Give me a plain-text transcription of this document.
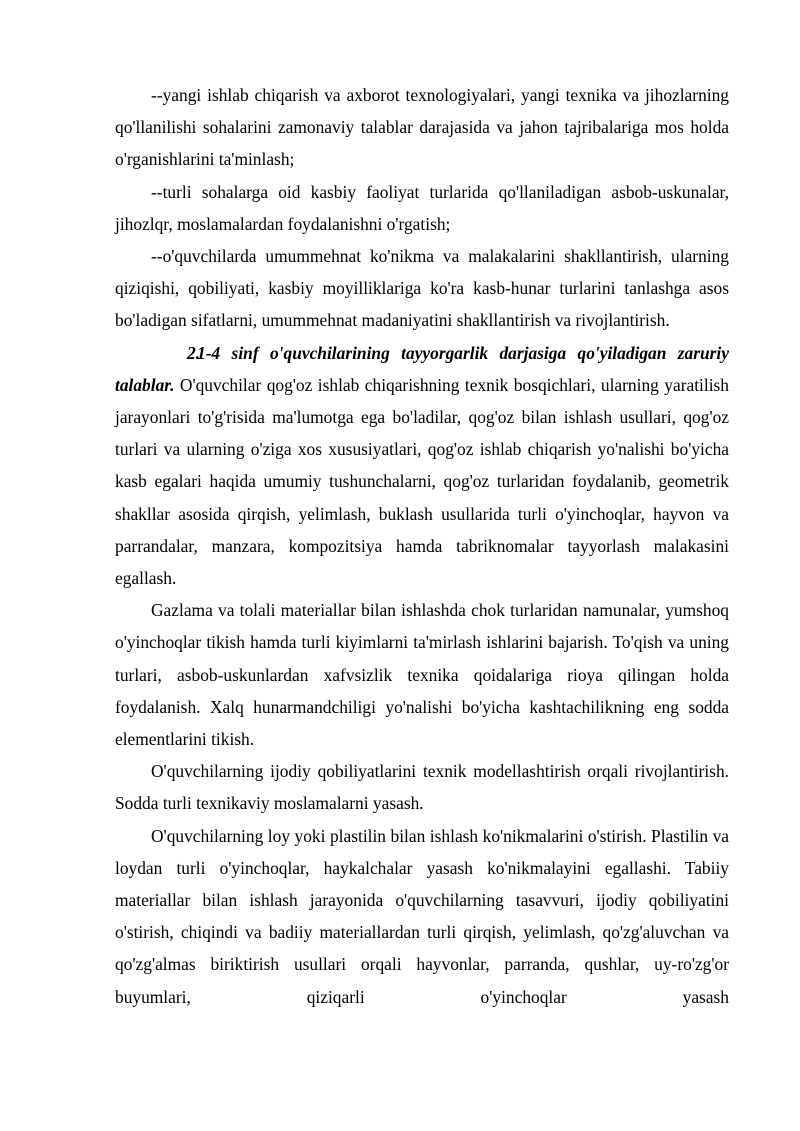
--yangi ishlab chiqarish va axborot texnologiyalari, yangi texnika va jihozlarning qo'llanilishi sohalarini zamonaviy talablar darajasida va jahon tajribalariga mos holda o'rganishlarini ta'minlash;

--turli sohalarga oid kasbiy faoliyat turlarida qo'llaniladigan asbob-uskunalar, jihozlqr, moslamalardan foydalanishni o'rgatish;

--o'quvchilarda umummehnat ko'nikma va malakalarini shakllantirish, ularning qiziqishi, qobiliyati, kasbiy moyilliklariga ko'ra kasb-hunar turlarini tanlashga asos bo'ladigan sifatlarni, umummehnat madaniyatini shakllantirish va rivojlantirish.

2.1-4 sinf o'quvchilarining tayyorgarlik darjasiga qo'yiladigan zaruriy talablar. O'quvchilar qog'oz ishlab chiqarishning texnik bosqichlari, ularning yaratilish jarayonlari to'g'risida ma'lumotga ega bo'ladilar, qog'oz bilan ishlash usullari, qog'oz turlari va ularning o'ziga xos xususiyatlari, qog'oz ishlab chiqarish yo'nalishi bo'yicha kasb egalari haqida umumiy tushunchalarni, qog'oz turlaridan foydalanib, geometrik shakllar asosida qirqish, yelimlash, buklash usullarida turli o'yinchoqlar, hayvon va parrandalar, manzara, kompozitsiya hamda tabriknomalar tayyorlash malakasini egallash.

Gazlama va tolali materiallar bilan ishlashda chok turlaridan namunalar, yumshoq o'yinchoqlar tikish hamda turli kiyimlarni ta'mirlash ishlarini bajarish. To'qish va uning turlari, asbob-uskunlardan xafvsizlik texnika qoidalariga rioya qilingan holda foydalanish. Xalq hunarmandchiligi yo'nalishi bo'yicha kashtachilikning eng sodda elementlarini tikish.

O'quvchilarning ijodiy qobiliyatlarini texnik modellashtirish orqali rivojlantirish. Sodda turli texnikaviy moslamalarni yasash.

O'quvchilarning loy yoki plastilin bilan ishlash ko'nikmalarini o'stirish. Plastilin va loydan turli o'yinchoqlar, haykalchalar yasash ko'nikmalayini egallashi. Tabiiy materiallar bilan ishlash jarayonida o'quvchilarning tasavvuri, ijodiy qobiliyatini o'stirish, chiqindi va badiiy materiallardan turli qirqish, yelimlash, qo'zg'aluvchan va qo'zg'almas biriktirish usullari orqali hayvonlar, parranda, qushlar, uy-ro'zg'or buyumlari, qiziqarli o'yinchoqlar yasash
